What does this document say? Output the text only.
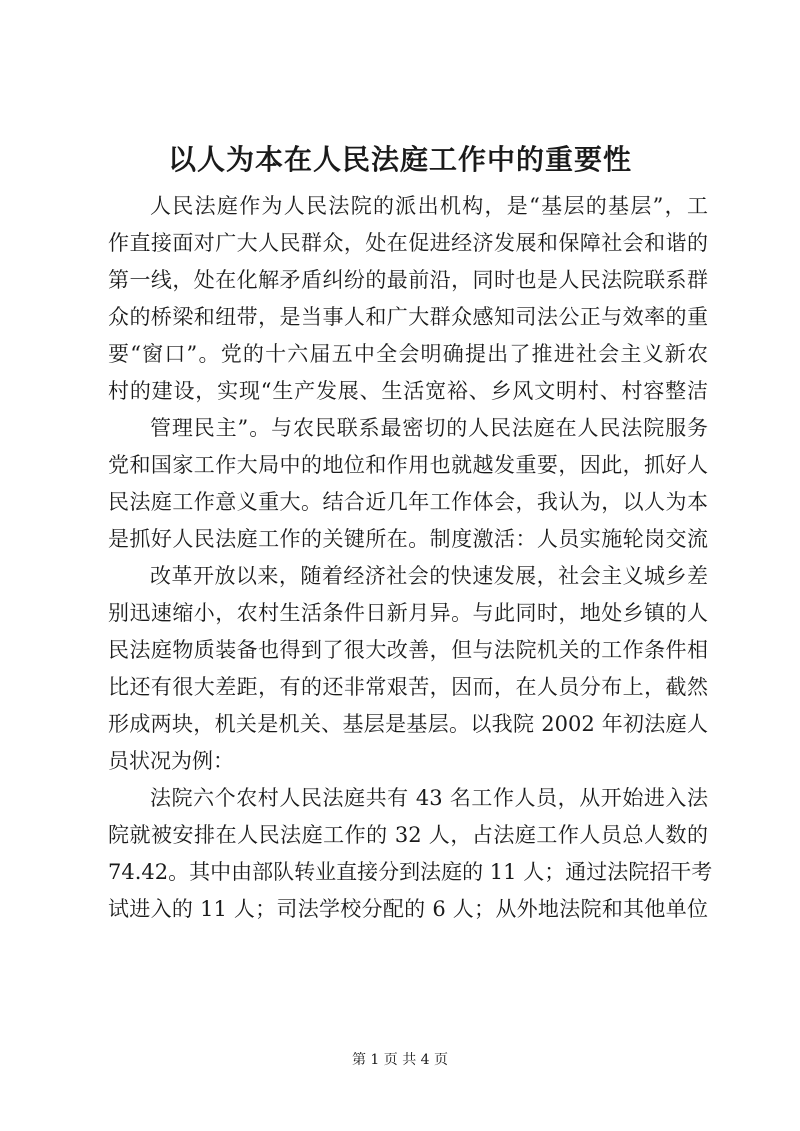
以人为本在人民法庭工作中的重要性
人民法庭作为人民法院的派出机构，是“基层的基层”，工
作直接面对广大人民群众，处在促进经济发展和保障社会和谐的
第一线，处在化解矛盾纠纷的最前沿，同时也是人民法院联系群
众的桥梁和纽带，是当事人和广大群众感知司法公正与效率的重
要“窗口”。党的十六届五中全会明确提出了推进社会主义新农
村的建设，实现“生产发展、生活宽裕、乡风文明村、村容整洁
管理民主”。与农民联系最密切的人民法庭在人民法院服务
党和国家工作大局中的地位和作用也就越发重要，因此，抓好人
民法庭工作意义重大。结合近几年工作体会，我认为，以人为本
是抓好人民法庭工作的关键所在。制度激活：人员实施轮岗交流
改革开放以来，随着经济社会的快速发展，社会主义城乡差
别迅速缩小，农村生活条件日新月异。与此同时，地处乡镇的人
民法庭物质装备也得到了很大改善，但与法院机关的工作条件相
比还有很大差距，有的还非常艰苦，因而，在人员分布上，截然
形成两块，机关是机关、基层是基层。以我院 2002 年初法庭人
员状况为例：
法院六个农村人民法庭共有 43 名工作人员，从开始进入法
院就被安排在人民法庭工作的 32 人，占法庭工作人员总人数的
74.42。其中由部队转业直接分到法庭的 11 人；通过法院招干考
试进入的 11 人；司法学校分配的 6 人；从外地法院和其他单位
第 1 页 共 4 页
